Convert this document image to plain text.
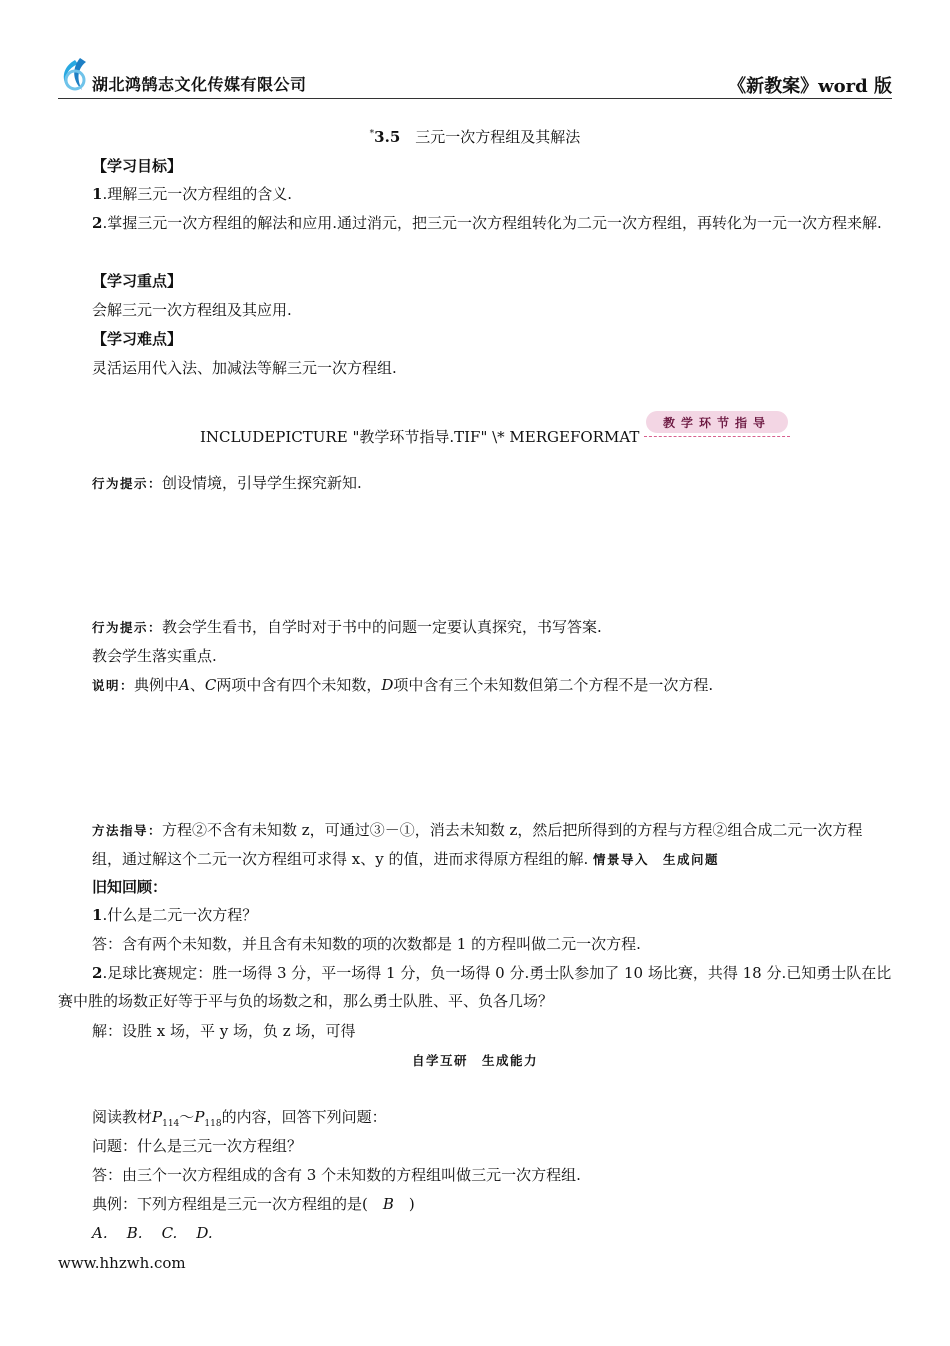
湖北鸿鹄志文化传媒有限公司	《新教案》word 版
*3.5　 三元一次方程组及其解法
【学习目标】
1.理解三元一次方程组的含义.
2.掌握三元一次方程组的解法和应用.通过消元，把三元一次方程组转化为二元一次方程组，再转化为一元一次方程来解.
【学习重点】
会解三元一次方程组及其应用.
【学习难点】
灵活运用代入法、加减法等解三元一次方程组.
INCLUDEPICTURE "教学环节指导.TIF" \* MERGEFORMAT
教学环节指导
行为提示：创设情境，引导学生探究新知.
行为提示：教会学生看书，自学时对于书中的问题一定要认真探究，书写答案.
教会学生落实重点.
说明：典例中A、C两项中含有四个未知数，D项中含有三个未知数但第二个方程不是一次方程.
方法指导：方程②不含有未知数 z，可通过③－①，消去未知数 z，然后把所得到的方程与方程②组合成二元一次方程组，通过解这个二元一次方程组可求得 x、y 的值，进而求得原方程组的解. 情景导入　生成问题
旧知回顾：
1.什么是二元一次方程？
答：含有两个未知数，并且含有未知数的项的次数都是 1 的方程叫做二元一次方程.
2.足球比赛规定：胜一场得 3 分，平一场得 1 分，负一场得 0 分.勇士队参加了 10 场比赛，共得 18 分.已知勇士队在比赛中胜的场数正好等于平与负的场数之和，那么勇士队胜、平、负各几场？
解：设胜 x 场，平 y 场，负 z 场，可得
自学互研　生成能力
阅读教材$P_{114}\sim P_{118}$的内容，回答下列问题：
问题：什么是三元一次方程组？
答：由三个一次方程组成的含有 3 个未知数的方程组叫做三元一次方程组.
典例：下列方程组是三元一次方程组的是(　B　)
A. B. C. D.
www.hhzwh.com
